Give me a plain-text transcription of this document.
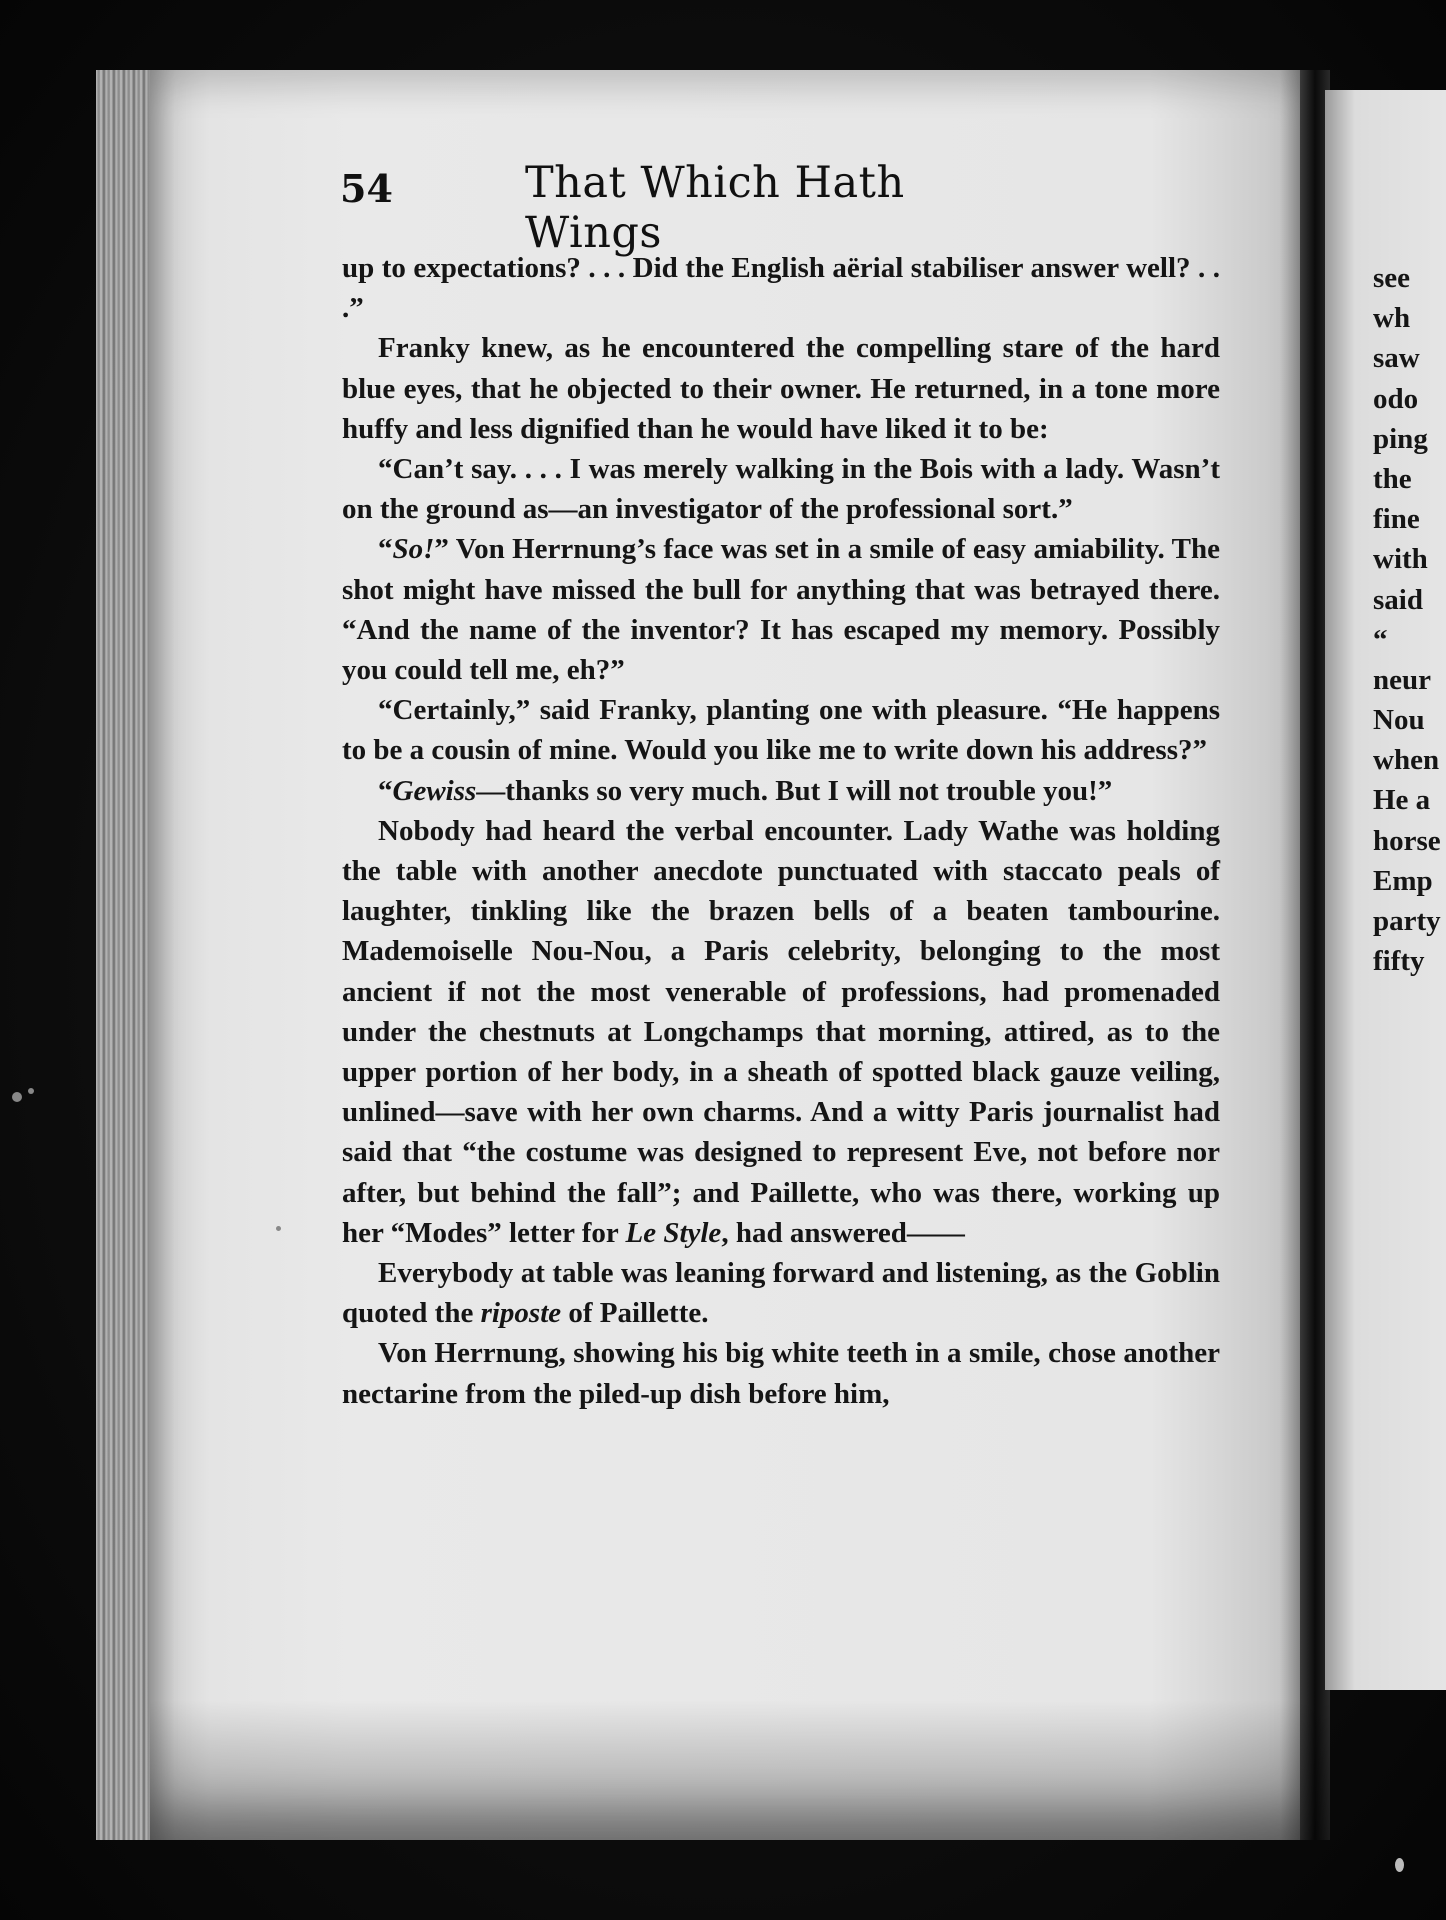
54	That Which Hath Wings

up to expectations? . . . Did the English aërial stabiliser answer well? . . .”

Franky knew, as he encountered the compelling stare of the hard blue eyes, that he objected to their owner. He returned, in a tone more huffy and less dignified than he would have liked it to be:

“Can’t say. . . . I was merely walking in the Bois with a lady. Wasn’t on the ground as—an investigator of the professional sort.”

“So!” Von Herrnung’s face was set in a smile of easy amiability. The shot might have missed the bull for anything that was betrayed there. “And the name of the inventor? It has escaped my memory. Possibly you could tell me, eh?”

“Certainly,” said Franky, planting one with pleasure. “He happens to be a cousin of mine. Would you like me to write down his address?”

“Gewiss—thanks so very much. But I will not trouble you!”

Nobody had heard the verbal encounter. Lady Wathe was holding the table with another anecdote punctuated with staccato peals of laughter, tinkling like the brazen bells of a beaten tambourine. Mademoiselle Nou-Nou, a Paris celebrity, belonging to the most ancient if not the most venerable of professions, had promenaded under the chestnuts at Longchamps that morning, attired, as to the upper portion of her body, in a sheath of spotted black gauze veiling, unlined—save with her own charms. And a witty Paris journalist had said that “the costume was designed to represent Eve, not before nor after, but behind the fall”; and Paillette, who was there, working up her “Modes” letter for Le Style, had answered——

Everybody at table was leaning forward and listening, as the Goblin quoted the riposte of Paillette.

Von Herrnung, showing his big white teeth in a smile, chose another nectarine from the piled-up dish before him,

see
wh
saw
odo
ping
the
fine
with
said
“
neur
Nou
when
He a
horse
Emp
party
fifty
